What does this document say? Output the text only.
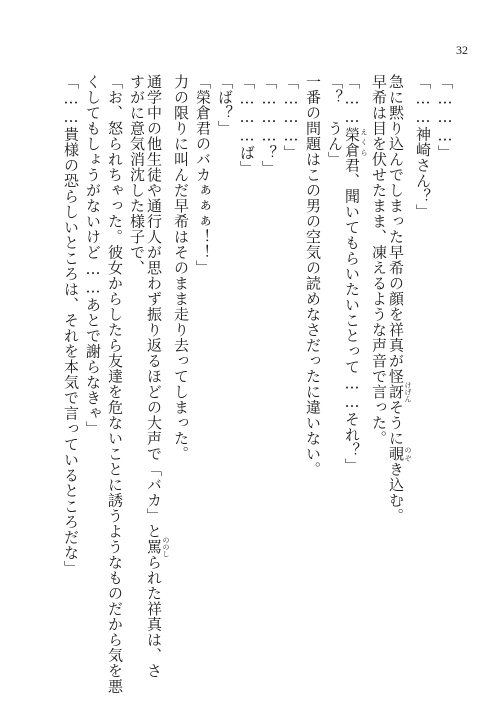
32
「………」
「……神崎さん？」
急に黙り込んでしまった早希の顔を祥真が怪訝 けげんそうに覗 のぞき込む。
早希は目を伏せたまま、凍えるような声音で言った。
「……榮倉 えくら君、聞いてもらいたいことって……それ？」
「？　うん」
一番の問題はこの男の空気の読めなさだったに違いない。
「………」
「………？」
「………ば」
「ば？」
「榮倉君のバカぁぁぁ！！」
力の限りに叫んだ早希はそのまま走り去ってしまった。
通学中の他生徒や通行人が思わず振り返るほどの大声で「バカ」と罵 ののしられた祥真は、さ
すがに意気消沈した様子で、
「お、怒られちゃった。彼女からしたら友達を危ないことに誘うようなものだから気を悪
くしてもしょうがないけど……あとで謝らなきゃ」
「……貴様の恐らしいところは、それを本気で言っているところだな」
